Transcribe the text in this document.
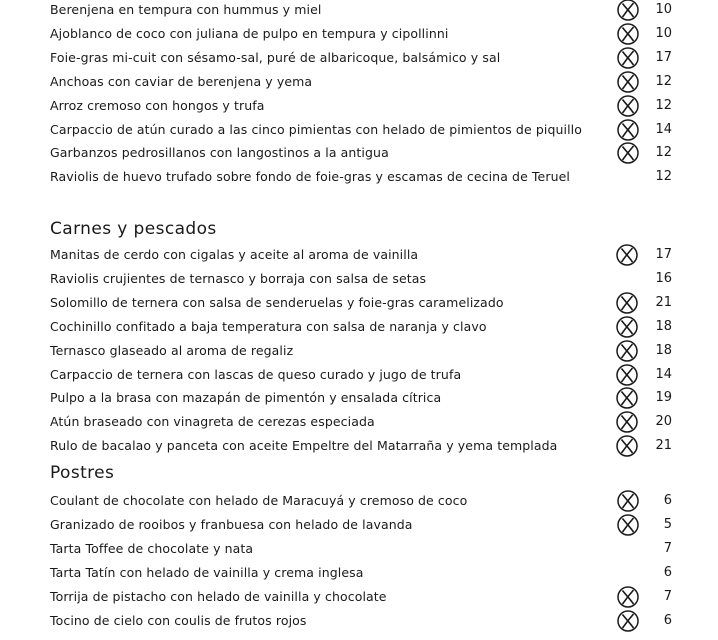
Carnes y pescados
Postres
Berenjena en tempura con hummus y miel	10
Ajoblanco de coco con juliana de pulpo en tempura y cipollinni	10
Foie-gras mi-cuit con sésamo-sal, puré de albaricoque, balsámico y sal	17
Anchoas con caviar de berenjena y yema	12
Arroz cremoso con hongos y trufa	12
Carpaccio de atún curado a las cinco pimientas con helado de pimientos de piquillo	14
Garbanzos pedrosillanos con langostinos a la antigua	12
Raviolis de huevo trufado sobre fondo de foie-gras y escamas de cecina de Teruel	12
Manitas de cerdo con cigalas y aceite al aroma de vainilla	17
Raviolis crujientes de ternasco y borraja con salsa de setas	16
Solomillo de ternera con salsa de senderuelas y foie-gras caramelizado	21
Cochinillo confitado a baja temperatura con salsa de naranja y clavo	18
Ternasco glaseado al aroma de regaliz	18
Carpaccio de ternera con lascas de queso curado y jugo de trufa	14
Pulpo a la brasa con mazapán de pimentón y ensalada cítrica	19
Atún braseado con vinagreta de cerezas especiada	20
Rulo de bacalao y panceta con aceite Empeltre del Matarraña y yema templada	21
Coulant de chocolate con helado de Maracuyá y cremoso de coco	6
Granizado de rooibos y franbuesa con helado de lavanda	5
Tarta Toffee de chocolate y nata	7
Tarta Tatín con helado de vainilla y crema inglesa	6
Torrija de pistacho con helado de vainilla y chocolate	7
Tocino de cielo con coulis de frutos rojos	6
